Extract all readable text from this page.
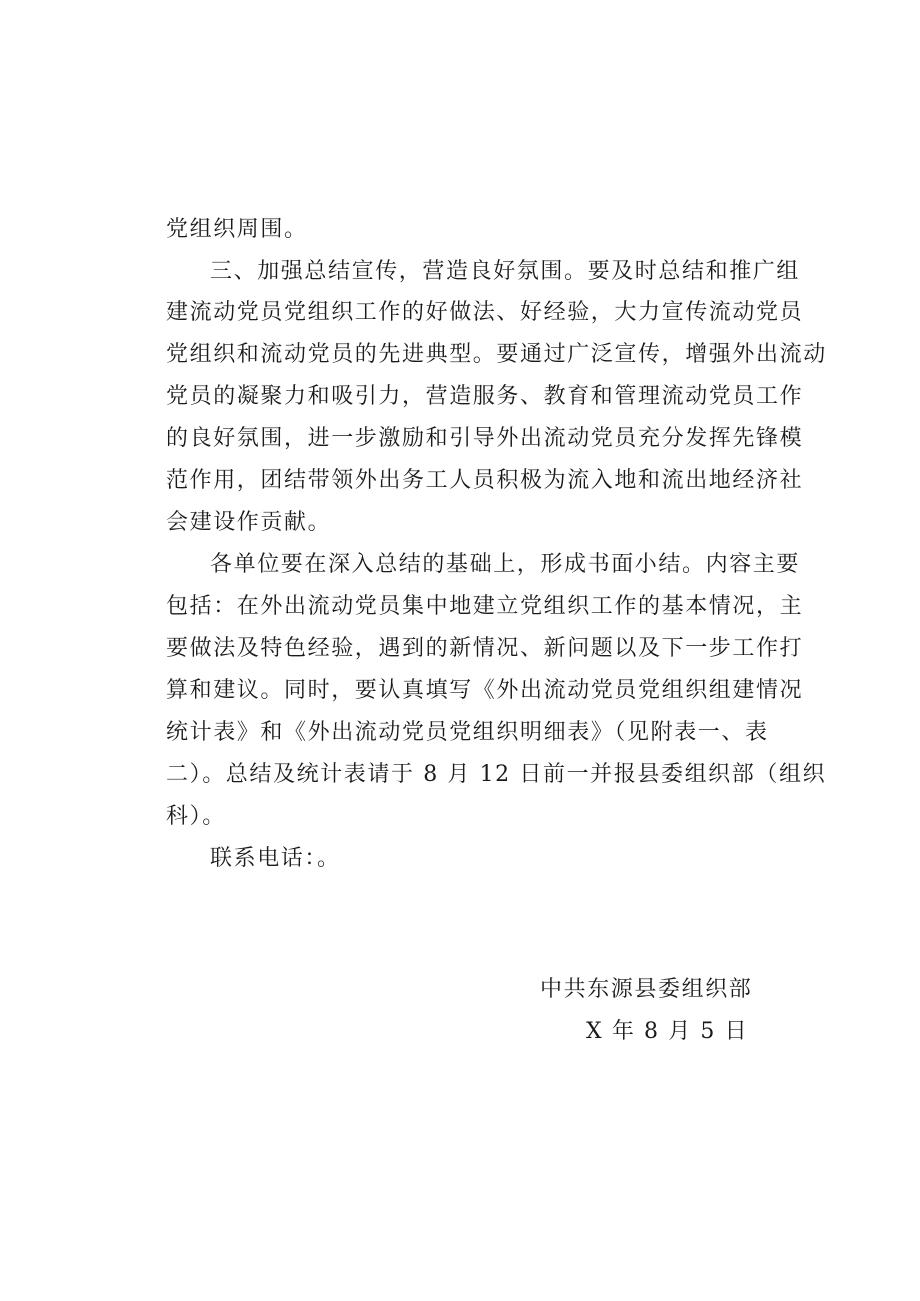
党组织周围。
三、加强总结宣传，营造良好氛围。要及时总结和推广组
建流动党员党组织工作的好做法、好经验，大力宣传流动党员
党组织和流动党员的先进典型。要通过广泛宣传，增强外出流动
党员的凝聚力和吸引力，营造服务、教育和管理流动党员工作
的良好氛围，进一步激励和引导外出流动党员充分发挥先锋模
范作用，团结带领外出务工人员积极为流入地和流出地经济社
会建设作贡献。
各单位要在深入总结的基础上，形成书面小结。内容主要
包括：在外出流动党员集中地建立党组织工作的基本情况，主
要做法及特色经验，遇到的新情况、新问题以及下一步工作打
算和建议。同时，要认真填写《外出流动党员党组织组建情况
统计表》和《外出流动党员党组织明细表》（见附表一、表
二）。总结及统计表请于 8 月 12 日前一并报县委组织部（组织
科）。
联系电话：。
中共东源县委组织部
X 年 8 月 5 日
